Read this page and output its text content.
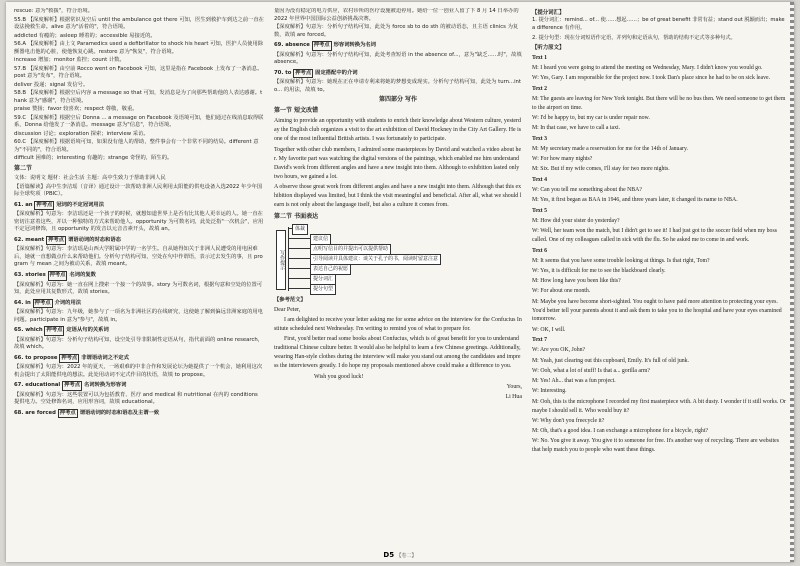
rescue: 意为"救援"，符合语境。
55.B 【深度解析】根据常识及空后 until the ambulance got there 可知，医生到救护车到达之前一直在设法挽救生命。alive 意为"活着的"，符合语境。
addicted 有瘾的；asleep 睡着的；accessible 易接近的。
56.A 【深度解析】由上文 Paramedics used a defibrillator to shock his heart 可知，医护人员使用除颤器电击他的心脏，使他恢复心跳。restore 意为"恢复"，符合语境。
increase 增加；monitor 监控；count 计数。
57.B 【深度解析】由空前 Rocco went on Facebook 可知，这里是指在 Facebook 上发布了一条消息。post 意为"发布"，符合语境。
deliver 投递；signal 发信号。
58.B 【深度解析】根据空后内容 a message so that 可知，发消息是为了向那些帮助他的人表达感谢。thank 意为"感谢"，符合语境。
praise 赞扬；favor 较喜欢；respect 尊敬，敬重。
59.C 【深度解析】根据空后 Donna ... a message on Facebook 及语境可知，他们通过在线消息取得联系，Donna 给他发了一条消息。message 意为"信息"，符合语境。
discussion 讨论；exploration 探索；interview 采访。
60.C 【深度解析】根据语境可知，如果没有他人的帮助，整件事会有一个非常不同的结局。different 意为"不同的"，符合语境。
difficult 困难的；interesting 有趣的；strange 奇怪的，陌生的。
第二节
文体：说明文 题材：社会生活 主题：高中生致力于帮助非洲人民
【语篇解读】高中生李洁瑶（音译）通过设计一款帮助非洲人民利用太阳能的供电设备入选2022 年少年国际全球奖项（PBIC）。
61. an 押考点 冠词的不定冠词用法
【深度解析】句意为：李洁瑶还是一个孩子的时候，就想知道世界上是否有比其他人更幸运的人。她一直在密切注意着这些，并以一种独特的方式来帮助他人。opportunity 为可数名词，此处泛指"一次机会"，应用不定冠词修饰，且 opportunity 的发音以元音音素开头，故填 an。
62. meant 押考点 谓语动词的时态和语态
【深度解析】句意为：李洁瑶是山西大学附属中学的一名学生。自从她得知关于非洲人民遭受的用电困难后，她就一直想做点什么来帮助他们。分析句子结构可知，空处在句中作谓语，表示过去发生的事，且 program 与 mean 之间为被动关系，故填 meant。
63. stories 押考点 名词的复数
【深度解析】句意为：她一直在网上搜索一个接一个的故事。story 为可数名词，根据句意和空处的位置可知，此处应用其复数形式，故填 stories。
64. in 押考点 介词的用法
【深度解析】句意为：九年级，她参与了一项名为非洲社区的在线研究，这使她了解到偏远非洲家庭的用电问题。participate in 意为"参与"，故填 in。
65. which 押考点 定语从句的关系词
【深度解析】句意为：分析句子结构可知，设空处引导非限制性定语从句，指代前面的 online research，故填 which。
66. to propose 押考点 非谓语动词之不定式
【深度解析】句意为：2022 年的夏天，一场艰难的中非合作和发展论坛为她提供了一个机会，她利用这次机会提出了太阳能供电的想法。此处用动词不定式作目的状语，故填 to propose。
67. educational 押考点 名词转换为形容词
【深度解析】句意为：这些装置可以为包括教育、医疗 and medical 和 nutritional 在内的 conditions 提供电力。空处修饰名词，应用形容词，故填 educational。
68. are forced 押考点 谓语动词的时态和语态及主谓一致
量因为没有稳定的电力供应，农村诊所的医疗设施被迫停用。她给一位一创业人留了下 8 月 14 日举办的 2022 年世界中国国际公益创新挑战决赛。
【深度解析】句意为：分析句子结构可知，此处为 force sb to do sth 的被动语态，且主语 clinics 为复数，故填 are forced。
69. absence 押考点 形容词转换为名词
【深度解析】句意为：分析句子结构可知，此处考查短语 in the absence of...，意为"缺乏……时"，故填 absence。
70. to 押考点 固定搭配中的介词
【深度解析】句意为：她现在正在申请专利来将她的梦想变成现实。分析句子结构可知，此处为 turn...into... 的用法，故填 to。
第四部分 写作
第一节 短文改错
Aiming to provide an opportunity with students to enrich their knowledge about Western culture, yesterday the English club organizes a visit to the art exhibition of David Hockney in the City Art Gallery. He is one of the most influential British artists. I was fortunately to participate.
Together with other club members, I admired some masterpieces by David and watched a video about her. My favorite part was watching the digital versions of the paintings, which enabled me him understand David's work from different angles and have a new insight into them. Although to exhibition lasted only two hours, we gained a lot.
A observe those great work from different angles and have a new insight into them. Although that this exhibition displayed was limited, but I think the visit meaningful and beneficial. After all, what we should learn is not only about the language itself, but also a culture it comes from.
第二节 书面表达
写作提示
体裁
建议信
点明写信目的并提出可以提供帮助
引导阅读并具体建议：谈关于孔子的书，阅读时留意注意
表达自己的祝愿
提分词汇
提分句型
【参考范文】
Dear Peter,
I am delighted to receive your letter asking me for some advice on the interview for the Confucius Institute scheduled next Wednesday. I'm writing to remind you of what to prepare for.
First, you'd better read some books about Confucius, which is of great benefit for you to understand traditional Chinese culture better. It would also be helpful to learn a few Chinese greetings. Additionally, wearing Han-style clothes during the interview will make you stand out among the candidates and impress the interviewers greatly. I do hope my proposals mentioned above could make a difference to you.
Wish you good luck!
Yours,
Li Hua
【提分词汇】
1. 提分词汇：remind... of... 使……想起……；be of great benefit 非常有益；stand out 脱颖而出；make a difference 有作用。
2. 提分句型：现在分词短语作定语，并列句和定语从句，帮助的结构不定式等多种句式。
【听力原文】
Text 1
M: I heard you were going to attend the meeting on Wednesday, Mary. I didn't know you would go.
W: Yes, Gary. I am responsible for the project now. I took Dan's place since he had to be on sick leave.
Text 2
M: The guests are leaving for New York tonight. But there will be no bus then. We need someone to get them to the airport on time.
W: I'd be happy to, but my car is under repair now.
M: In that case, we have to call a taxi.
Text 3
M: My secretary made a reservation for me for the 14th of January.
W: For how many nights?
M: Six. But if my wife comes, I'll stay for two more nights.
Text 4
W: Can you tell me something about the NBA?
M: Yes, it first began as BAA in 1946, and three years later, it changed its name to NBA.
Text 5
M: How did your sister do yesterday?
W: Well, her team won the match, but I didn't get to see it! I had just got to the soccer field when my boss called. One of my colleagues called in sick with the flu. So he asked me to come in and work.
Text 6
M: It seems that you have some trouble looking at things. Is that right, Tom?
W: Yes, it is difficult for me to see the blackboard clearly.
M: How long have you been like this?
W: For about one month.
M: Maybe you have become short-sighted. You ought to have paid more attention to protecting your eyes. You'd better tell your parents about it and ask them to take you to the hospital and have your eyes examined tomorrow.
W: OK, I will.
Text 7
W: Are you OK, John?
M: Yeah, just clearing out this cupboard, Emily. It's full of old junk.
W: Ooh, what a lot of stuff! Is that a... gorilla arm?
M: Yes! Ah... that was a fun project.
W: Interesting.
M: Ooh, this is the microphone I recorded my first masterpiece with. A bit dusty. I wonder if it still works. Or maybe I should sell it. Who would buy it?
W: Why don't you freecycle it?
M: Oh, that's a good idea. I can exchange a microphone for a bicycle, right?
W: No. You give it away. You give it to someone for free. It's another way of recycling. There are websites that help match you to people who want these things.
D5 【卷二】
